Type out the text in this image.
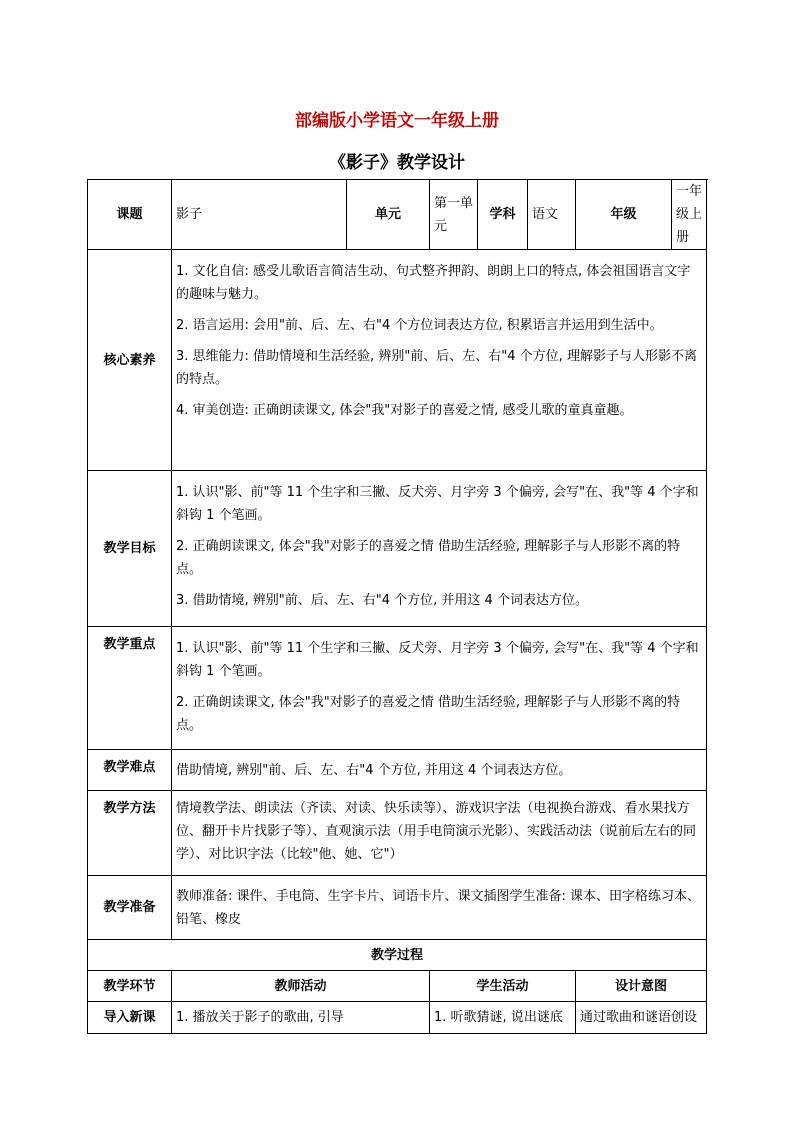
部编版小学语文一年级上册
《影子》教学设计
课题	影子	单元	第一单元	学科	语文	年级	一年级上册
核心素养	1. 文化自信: 感受儿歌语言简洁生动、句式整齐押韵、朗朗上口的特点, 体会祖国语言文字的趣味与魅力。
2. 语言运用: 会用"前、后、左、右"4 个方位词表达方位, 积累语言并运用到生活中。
3. 思维能力: 借助情境和生活经验, 辨别"前、后、左、右"4 个方位, 理解影子与人形影不离的特点。
4. 审美创造: 正确朗读课文, 体会"我"对影子的喜爱之情, 感受儿歌的童真童趣。						

教学目标	1. 认识"影、前"等 11 个生字和三撇、反犬旁、月字旁 3 个偏旁, 会写"在、我"等 4 个字和斜钩 1 个笔画。
2. 正确朗读课文, 体会"我"对影子的喜爱之情 借助生活经验, 理解影子与人形影不离的特点。
3. 借助情境, 辨别"前、后、左、右"4 个方位, 并用这 4 个词表达方位。						

教学重点	1. 认识"影、前"等 11 个生字和三撇、反犬旁、月字旁 3 个偏旁, 会写"在、我"等 4 个字和斜钩 1 个笔画。
2. 正确朗读课文, 体会"我"对影子的喜爱之情 借助生活经验, 理解影子与人形影不离的特点。						

教学难点	借助情境, 辨别"前、后、左、右"4 个方位, 并用这 4 个词表达方位。						
教学方法	情境教学法、朗读法（齐读、对读、快乐读等）、游戏识字法（电视换台游戏、看水果找方位、翻开卡片找影子等）、直观演示法（用手电筒演示光影）、实践活动法（说前后左右的同学）、对比识字法（比较"他、她、它"）						
教学准备	教师准备: 课件、手电筒、生字卡片、词语卡片、课文插图学生准备: 课本、田字格练习本、铅笔、橡皮						
教学过程							
教学环节	教师活动		学生活动			设计意图	
导入新课	1. 播放关于影子的歌曲, 引导		1. 听歌猜谜, 说出谜底			通过歌曲和谜语创设	
